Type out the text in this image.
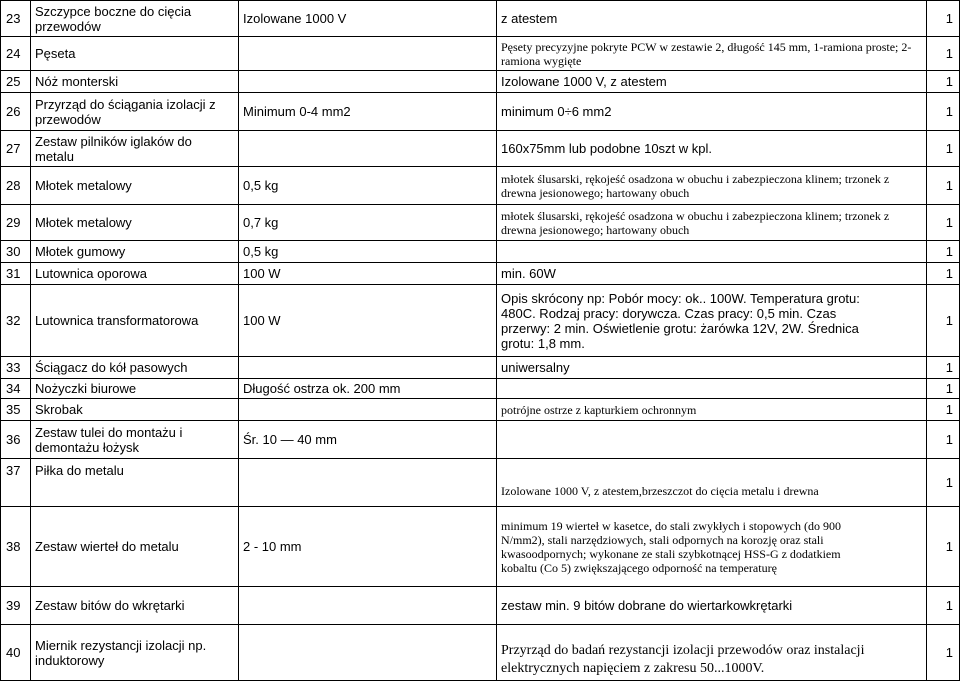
23	Szczypce boczne do cięcia przewodów	Izolowane 1000 V	z atestem	1
24	Pęseta		Pęsety precyzyjne pokryte PCW w zestawie 2, długość 145 mm, 1-ramiona proste; 2-ramiona wygięte	1
25	Nóż monterski		Izolowane 1000 V, z atestem	1
26	Przyrząd do ściągania izolacji z przewodów	Minimum 0-4 mm2	minimum 0÷6 mm2	1
27	Zestaw pilników iglaków do metalu		160x75mm lub podobne 10szt w kpl.	1
28	Młotek metalowy	0,5 kg	młotek ślusarski, rękojeść osadzona w obuchu i zabezpieczona klinem; trzonek z drewna jesionowego; hartowany obuch	1
29	Młotek metalowy	0,7 kg	młotek ślusarski, rękojeść osadzona w obuchu i zabezpieczona klinem; trzonek z drewna jesionowego; hartowany obuch	1
30	Młotek gumowy	0,5 kg		1
31	Lutownica oporowa	100 W	min. 60W	1
32	Lutownica transformatorowa	100 W	Opis skrócony np: Pobór mocy: ok.. 100W. Temperatura grotu: 480C. Rodzaj pracy: dorywcza. Czas pracy: 0,5 min. Czas przerwy: 2 min. Oświetlenie grotu: żarówka 12V, 2W. Średnica grotu: 1,8 mm.	1
33	Ściągacz do kół pasowych		uniwersalny	1
34	Nożyczki biurowe	Długość ostrza ok. 200 mm		1
35	Skrobak		potrójne ostrze z kapturkiem ochronnym	1
36	Zestaw tulei do montażu i demontażu łożysk	Śr. 10 — 40 mm		1
37	Piłka do metalu		Izolowane 1000 V, z atestem,brzeszczot do cięcia metalu i drewna	1
38	Zestaw wierteł do metalu	2 - 10 mm	minimum 19 wierteł w kasetce, do stali zwykłych i stopowych (do 900 N/mm2), stali narzędziowych, stali odpornych na korozję oraz stali kwasoodpornych; wykonane ze stali szybkotnącej HSS-G z dodatkiem kobaltu (Co 5) zwiększającego odporność na temperaturę	1
39	Zestaw bitów do wkrętarki		zestaw min. 9 bitów dobrane do wiertarkowkrętarki	1
40	Miernik rezystancji izolacji np. induktorowy		Przyrząd do badań rezystancji izolacji przewodów oraz instalacji elektrycznych napięciem z zakresu 50...1000V.	1
